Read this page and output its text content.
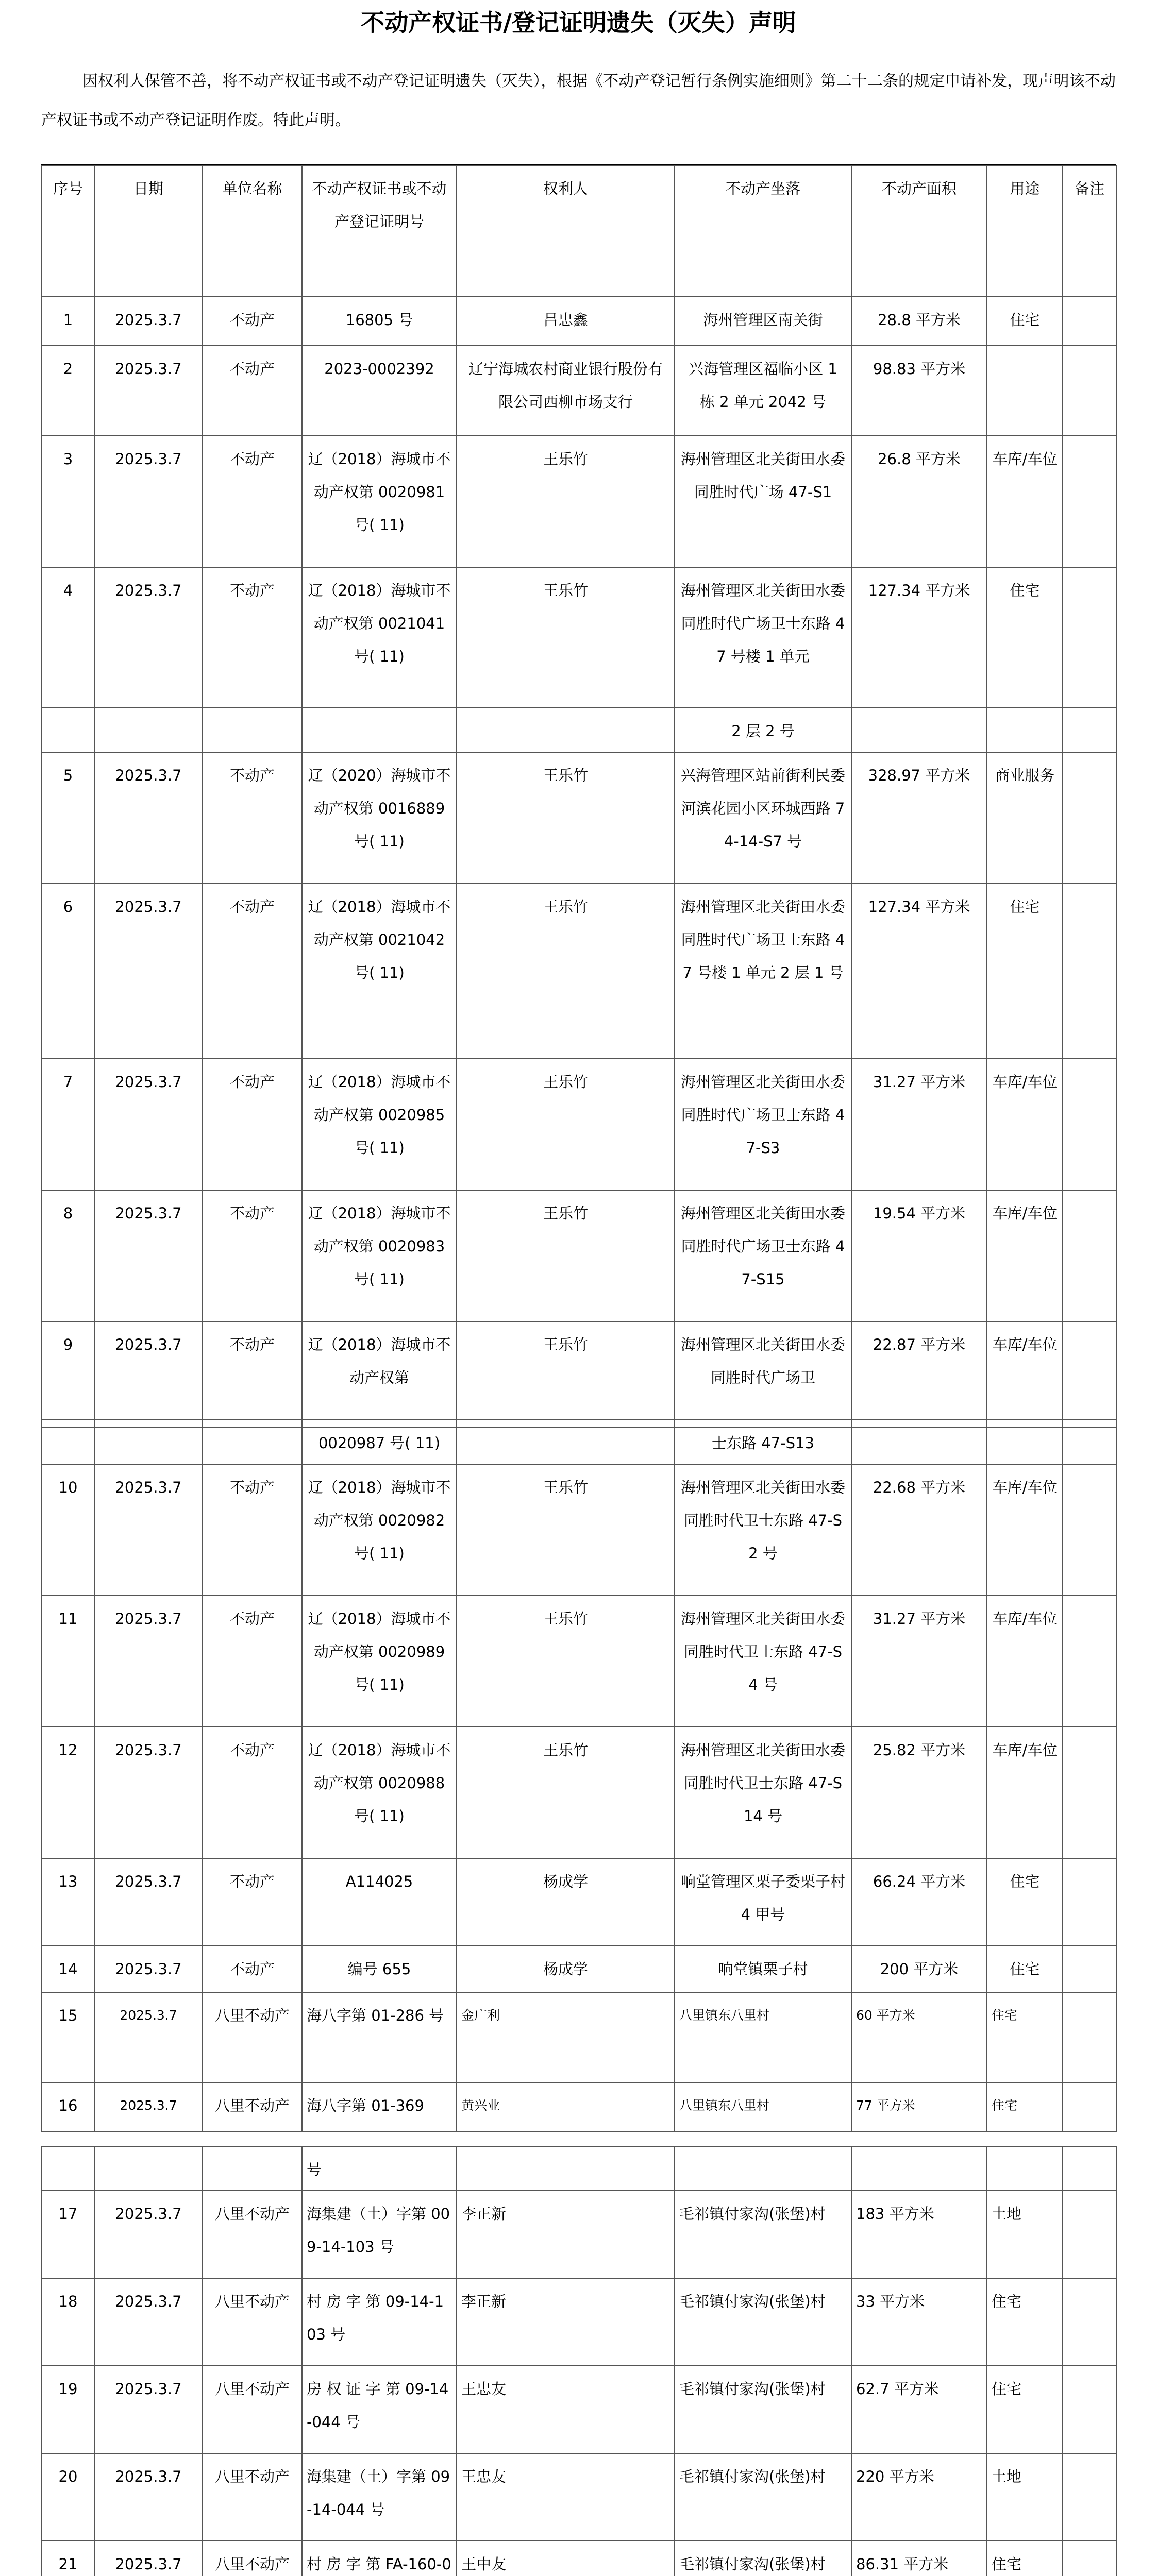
不动产权证书/登记证明遗失（灭失）声明

因权利人保管不善，将不动产权证书或不动产登记证明遗失（灭失），根据《不动产登记暂行条例实施细则》第二十二条的规定申请补发，现声明该不动产权证书或不动产登记证明作废。特此声明。

序号	日期	单位名称	不动产权证书或不动产登记证明号	权利人	不动产坐落	不动产面积	用途	备注
1	2025.3.7	不动产	16805 号	吕忠鑫	海州管理区南关街	28.8 平方米	住宅	
2	2025.3.7	不动产	2023-0002392	辽宁海城农村商业银行股份有限公司西柳市场支行	兴海管理区福临小区 1 栋 2 单元 2042 号	98.83 平方米		
3	2025.3.7	不动产	辽（2018）海城市不动产权第 0020981 号( 11)	王乐竹	海州管理区北关街田水委同胜时代广场 47-S1	26.8 平方米	车库/车位	
4	2025.3.7	不动产	辽（2018）海城市不动产权第 0021041 号( 11)	王乐竹	海州管理区北关街田水委同胜时代广场卫士东路 47 号楼 1 单元	127.34 平方米	住宅	
					2 层 2 号			
5	2025.3.7	不动产	辽（2020）海城市不动产权第 0016889 号( 11)	王乐竹	兴海管理区站前街利民委河滨花园小区环城西路 74-14-S7 号	328.97 平方米	商业服务	
6	2025.3.7	不动产	辽（2018）海城市不动产权第 0021042 号( 11)	王乐竹	海州管理区北关街田水委同胜时代广场卫士东路 47 号楼 1 单元 2 层 1 号	127.34 平方米	住宅	
7	2025.3.7	不动产	辽（2018）海城市不动产权第 0020985 号( 11)	王乐竹	海州管理区北关街田水委同胜时代广场卫士东路 47-S3	31.27 平方米	车库/车位	
8	2025.3.7	不动产	辽（2018）海城市不动产权第 0020983 号( 11)	王乐竹	海州管理区北关街田水委同胜时代广场卫士东路 47-S15	19.54 平方米	车库/车位	
9	2025.3.7	不动产	辽（2018）海城市不动产权第	王乐竹	海州管理区北关街田水委同胜时代广场卫	22.87 平方米	车库/车位	
			0020987 号( 11)		士东路 47-S13			
10	2025.3.7	不动产	辽（2018）海城市不动产权第 0020982 号( 11)	王乐竹	海州管理区北关街田水委同胜时代卫士东路 47-S2 号	22.68 平方米	车库/车位	
11	2025.3.7	不动产	辽（2018）海城市不动产权第 0020989 号( 11)	王乐竹	海州管理区北关街田水委同胜时代卫士东路 47-S4 号	31.27 平方米	车库/车位	
12	2025.3.7	不动产	辽（2018）海城市不动产权第 0020988 号( 11)	王乐竹	海州管理区北关街田水委同胜时代卫士东路 47-S14 号	25.82 平方米	车库/车位	
13	2025.3.7	不动产	A114025	杨成学	响堂管理区栗子委栗子村 4 甲号	66.24 平方米	住宅	
14	2025.3.7	不动产	编号 655	杨成学	响堂镇栗子村	200 平方米	住宅	
15	2025.3.7	八里不动产	海八字第 01-286 号	金广利	八里镇东八里村	60 平方米	住宅	
16	2025.3.7	八里不动产	海八字第 01-369	黄兴业	八里镇东八里村	77 平方米	住宅	
			号					
17	2025.3.7	八里不动产	海集建（土）字第 009-14-103 号	李正新	毛祁镇付家沟(张堡)村	183 平方米	土地	
18	2025.3.7	八里不动产	村 房 字 第 09-14-103 号	李正新	毛祁镇付家沟(张堡)村	33 平方米	住宅	
19	2025.3.7	八里不动产	房 权 证 字 第 09-14-044 号	王忠友	毛祁镇付家沟(张堡)村	62.7 平方米	住宅	
20	2025.3.7	八里不动产	海集建（土）字第 09-14-044 号	王忠友	毛祁镇付家沟(张堡)村	220 平方米	土地	
21	2025.3.7	八里不动产	村 房 字 第 FA-160-0	王中友	毛祁镇付家沟(张堡)村	86.31 平方米	住宅	
